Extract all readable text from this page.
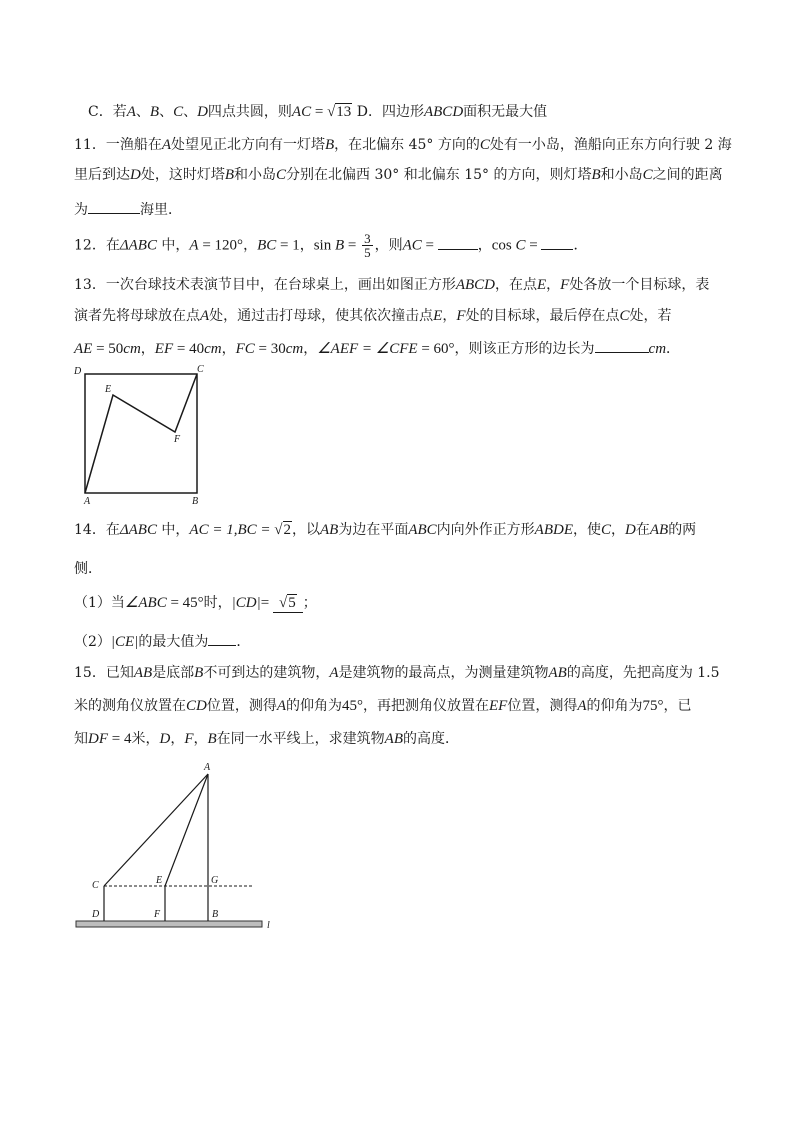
C．若A、B、C、D四点共圆，则AC = √13 D．四边形ABCD面积无最大值
11．一渔船在A处望见正北方向有一灯塔B，在北偏东 45° 方向的C处有一小岛，渔船向正东方向行驶 2 海
里后到达D处，这时灯塔B和小岛C分别在北偏西 30° 和北偏东 15° 的方向，则灯塔B和小岛C之间的距离
为	海里．
12．在ΔABC 中，A = 120°，BC = 1，$\sin B = \frac{3}{5}$ ，则AC =	，cos C = ．
13．一次台球技术表演节目中，在台球桌上，画出如图正方形ABCD，在点E，F处各放一个目标球，表
演者先将母球放在点A处，通过击打母球，使其依次撞击点E，F处的目标球，最后停在点C处，若
AE = 50cm，EF = 40cm，FC = 30cm，∠AEF = ∠CFE = 60°，则该正方形的边长为	cm．
D	C
E
F
A	B
14．在ΔABC 中，AC = 1,BC = √2，以AB为边在平面ABC内向外作正方形ABDE，使C，D在AB的两
侧．
（1）当∠ABC = 45°时，|CD|= √5 ；
（2）|CE|的最大值为 ．
15．已知AB是底部B不可到达的建筑物，A是建筑物的最高点，为测量建筑物AB的高度，先把高度为 1.5
米的测角仪放置在CD位置，测得A的仰角为45°，再把测角仪放置在EF位置，测得A的仰角为75°，已
知DF = 4米，D，F，B在同一水平线上，求建筑物AB的高度．
A
C	E	G
D	F	B
l
